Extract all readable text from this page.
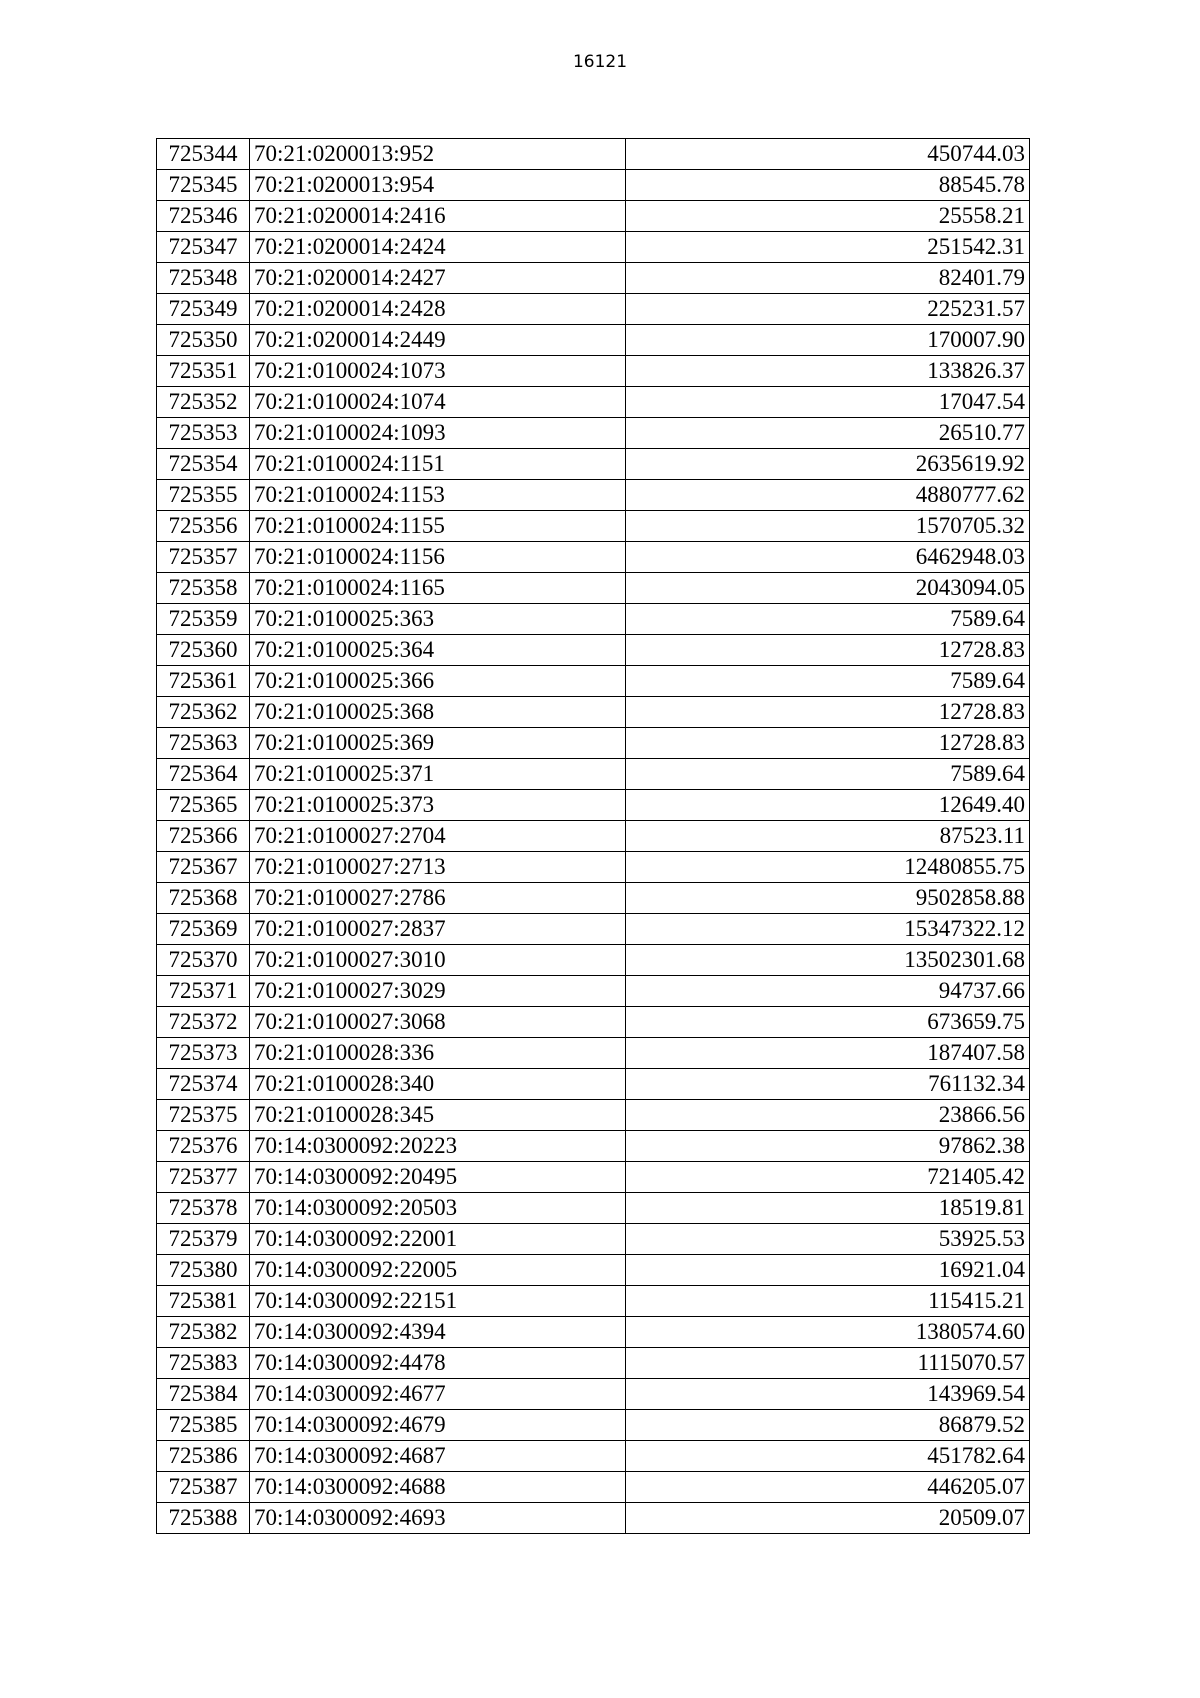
16121
725344	70:21:0200013:952	450744.03
725345	70:21:0200013:954	88545.78
725346	70:21:0200014:2416	25558.21
725347	70:21:0200014:2424	251542.31
725348	70:21:0200014:2427	82401.79
725349	70:21:0200014:2428	225231.57
725350	70:21:0200014:2449	170007.90
725351	70:21:0100024:1073	133826.37
725352	70:21:0100024:1074	17047.54
725353	70:21:0100024:1093	26510.77
725354	70:21:0100024:1151	2635619.92
725355	70:21:0100024:1153	4880777.62
725356	70:21:0100024:1155	1570705.32
725357	70:21:0100024:1156	6462948.03
725358	70:21:0100024:1165	2043094.05
725359	70:21:0100025:363	7589.64
725360	70:21:0100025:364	12728.83
725361	70:21:0100025:366	7589.64
725362	70:21:0100025:368	12728.83
725363	70:21:0100025:369	12728.83
725364	70:21:0100025:371	7589.64
725365	70:21:0100025:373	12649.40
725366	70:21:0100027:2704	87523.11
725367	70:21:0100027:2713	12480855.75
725368	70:21:0100027:2786	9502858.88
725369	70:21:0100027:2837	15347322.12
725370	70:21:0100027:3010	13502301.68
725371	70:21:0100027:3029	94737.66
725372	70:21:0100027:3068	673659.75
725373	70:21:0100028:336	187407.58
725374	70:21:0100028:340	761132.34
725375	70:21:0100028:345	23866.56
725376	70:14:0300092:20223	97862.38
725377	70:14:0300092:20495	721405.42
725378	70:14:0300092:20503	18519.81
725379	70:14:0300092:22001	53925.53
725380	70:14:0300092:22005	16921.04
725381	70:14:0300092:22151	115415.21
725382	70:14:0300092:4394	1380574.60
725383	70:14:0300092:4478	1115070.57
725384	70:14:0300092:4677	143969.54
725385	70:14:0300092:4679	86879.52
725386	70:14:0300092:4687	451782.64
725387	70:14:0300092:4688	446205.07
725388	70:14:0300092:4693	20509.07
